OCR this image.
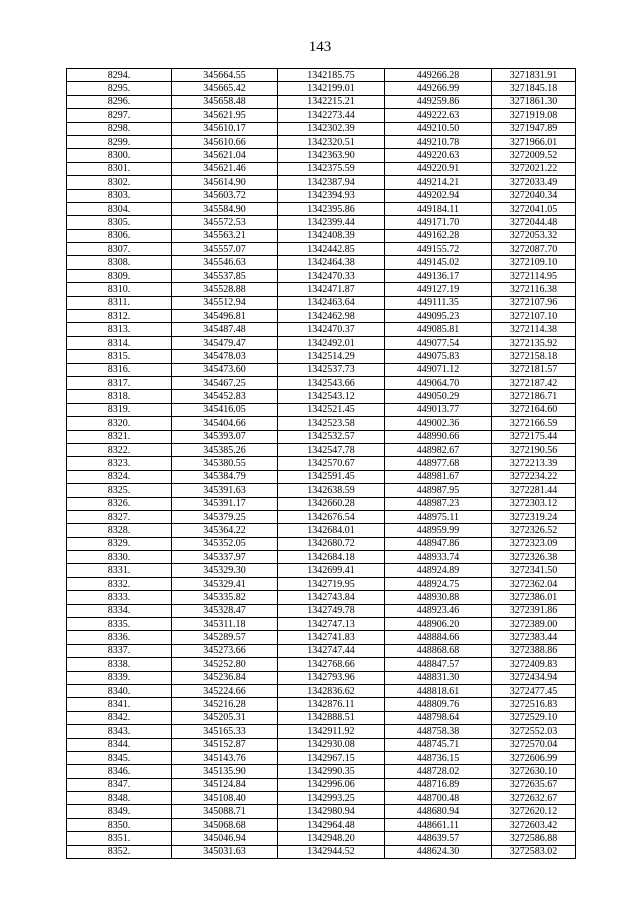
143
8294.	345664.55	1342185.75	449266.28	3271831.91
8295.	345665.42	1342199.01	449266.99	3271845.18
8296.	345658.48	1342215.21	449259.86	3271861.30
8297.	345621.95	1342273.44	449222.63	3271919.08
8298.	345610.17	1342302.39	449210.50	3271947.89
8299.	345610.66	1342320.51	449210.78	3271966.01
8300.	345621.04	1342363.90	449220.63	3272009.52
8301.	345621.46	1342375.59	449220.91	3272021.22
8302.	345614.90	1342387.94	449214.21	3272033.49
8303.	345603.72	1342394.93	449202.94	3272040.34
8304.	345584.90	1342395.86	449184.11	3272041.05
8305.	345572.53	1342399.44	449171.70	3272044.48
8306.	345563.21	1342408.39	449162.28	3272053.32
8307.	345557.07	1342442.85	449155.72	3272087.70
8308.	345546.63	1342464.38	449145.02	3272109.10
8309.	345537.85	1342470.33	449136.17	3272114.95
8310.	345528.88	1342471.87	449127.19	3272116.38
8311.	345512.94	1342463.64	449111.35	3272107.96
8312.	345496.81	1342462.98	449095.23	3272107.10
8313.	345487.48	1342470.37	449085.81	3272114.38
8314.	345479.47	1342492.01	449077.54	3272135.92
8315.	345478.03	1342514.29	449075.83	3272158.18
8316.	345473.60	1342537.73	449071.12	3272181.57
8317.	345467.25	1342543.66	449064.70	3272187.42
8318.	345452.83	1342543.12	449050.29	3272186.71
8319.	345416.05	1342521.45	449013.77	3272164.60
8320.	345404.66	1342523.58	449002.36	3272166.59
8321.	345393.07	1342532.57	448990.66	3272175.44
8322.	345385.26	1342547.78	448982.67	3272190.56
8323.	345380.55	1342570.67	448977.68	3272213.39
8324.	345384.79	1342591.45	448981.67	3272234.22
8325.	345391.63	1342638.59	448987.95	3272281.44
8326.	345391.17	1342660.28	448987.23	3272303.12
8327.	345379.25	1342676.54	448975.11	3272319.24
8328.	345364.22	1342684.01	448959.99	3272326.52
8329.	345352.05	1342680.72	448947.86	3272323.09
8330.	345337.97	1342684.18	448933.74	3272326.38
8331.	345329.30	1342699.41	448924.89	3272341.50
8332.	345329.41	1342719.95	448924.75	3272362.04
8333.	345335.82	1342743.84	448930.88	3272386.01
8334.	345328.47	1342749.78	448923.46	3272391.86
8335.	345311.18	1342747.13	448906.20	3272389.00
8336.	345289.57	1342741.83	448884.66	3272383.44
8337.	345273.66	1342747.44	448868.68	3272388.86
8338.	345252.80	1342768.66	448847.57	3272409.83
8339.	345236.84	1342793.96	448831.30	3272434.94
8340.	345224.66	1342836.62	448818.61	3272477.45
8341.	345216.28	1342876.11	448809.76	3272516.83
8342.	345205.31	1342888.51	448798.64	3272529.10
8343.	345165.33	1342911.92	448758.38	3272552.03
8344.	345152.87	1342930.08	448745.71	3272570.04
8345.	345143.76	1342967.15	448736.15	3272606.99
8346.	345135.90	1342990.35	448728.02	3272630.10
8347.	345124.84	1342996.06	448716.89	3272635.67
8348.	345108.40	1342993.25	448700.48	3272632.67
8349.	345088.71	1342980.94	448680.94	3272620.12
8350.	345068.68	1342964.48	448661.11	3272603.42
8351.	345046.94	1342948.20	448639.57	3272586.88
8352.	345031.63	1342944.52	448624.30	3272583.02
